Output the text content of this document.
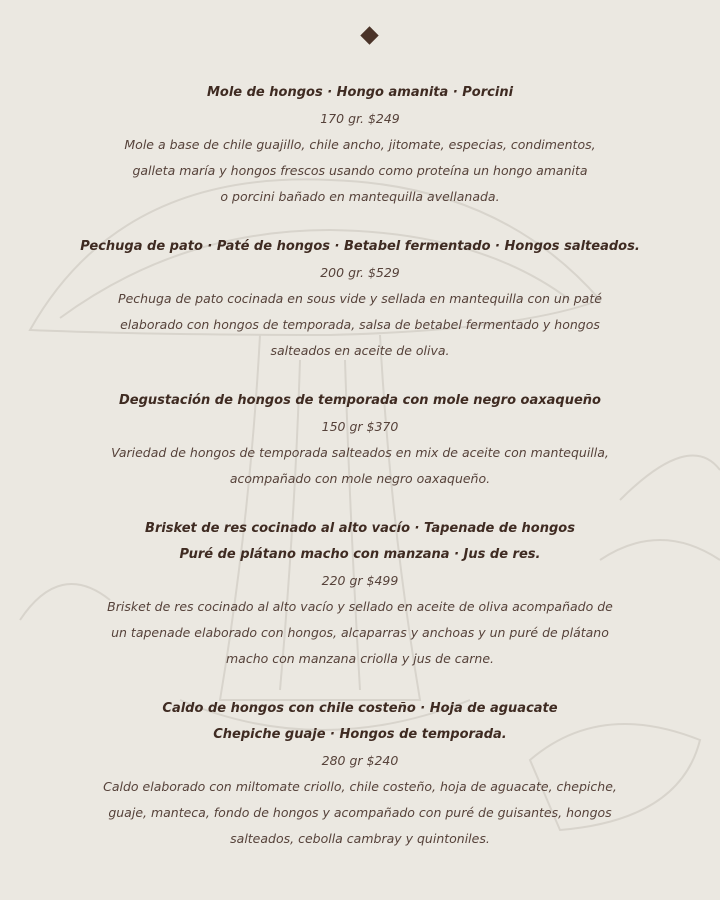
Mole de hongos · Hongo amanita · Porcini
170 gr. $249
Mole a base de chile guajillo, chile ancho, jitomate, especias, condimentos,
galleta maría y hongos frescos usando como proteína un hongo amanita
o porcini bañado en mantequilla avellanada.
Pechuga de pato · Paté de hongos · Betabel fermentado · Hongos salteados.
200 gr. $529
Pechuga de pato cocinada en sous vide y sellada en mantequilla con un paté
elaborado con hongos de temporada, salsa de betabel fermentado y hongos
salteados en aceite de oliva.
Degustación de hongos de temporada con mole negro oaxaqueño
150 gr $370
Variedad de hongos de temporada salteados en mix de aceite con mantequilla,
acompañado con mole negro oaxaqueño.
Brisket de res cocinado al alto vacío · Tapenade de hongos
Puré de plátano macho con manzana · Jus de res.
220 gr $499
Brisket de res cocinado al alto vacío y sellado en aceite de oliva acompañado de
un tapenade elaborado con hongos, alcaparras y anchoas y un puré de plátano
macho con manzana criolla y jus de carne.
Caldo de hongos con chile costeño · Hoja de aguacate
Chepiche guaje · Hongos de temporada.
280 gr $240
Caldo elaborado con miltomate criollo, chile costeño, hoja de aguacate, chepiche,
guaje, manteca, fondo de hongos y acompañado con puré de guisantes, hongos
salteados, cebolla cambray y quintoniles.
